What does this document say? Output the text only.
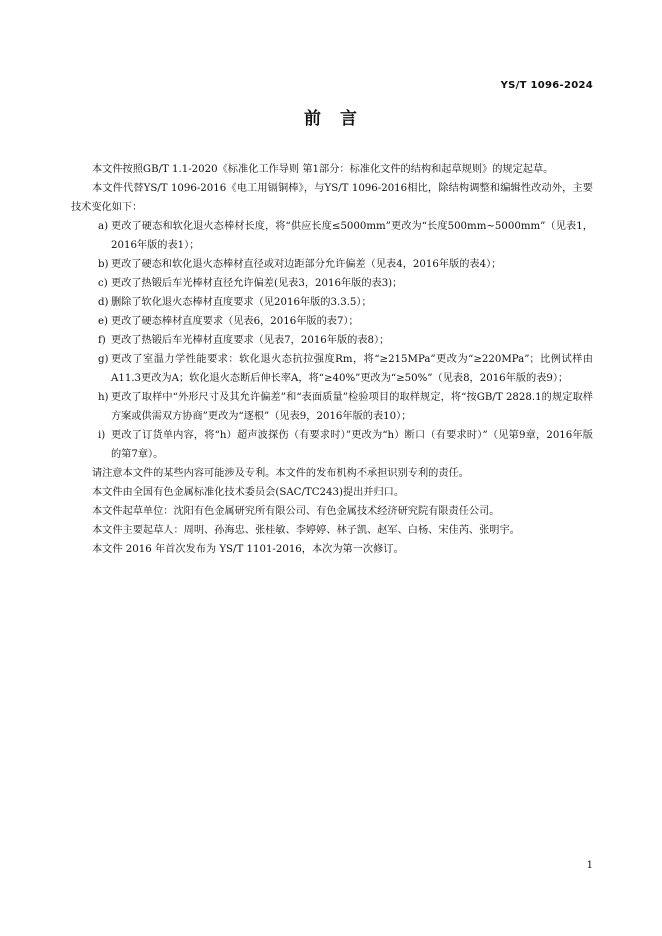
YS/T 1096-2024
前　言

本文件按照GB/T 1.1-2020《标准化工作导则 第1部分：标准化文件的结构和起草规则》的规定起草。

本文件代替YS/T 1096-2016《电工用镉铜棒》，与YS/T 1096-2016相比，除结构调整和编辑性改动外，主要技术变化如下：

a) 更改了硬态和软化退火态棒材长度，将“供应长度≤5000mm”更改为“长度500mm~5000mm”（见表1，2016年版的表1）；
b) 更改了硬态和软化退火态棒材直径或对边距部分允许偏差（见表4，2016年版的表4）；
c) 更改了热锻后车光棒材直径允许偏差(见表3，2016年版的表3)；
d) 删除了软化退火态棒材直度要求（见2016年版的3.3.5）；
e) 更改了硬态棒材直度要求（见表6，2016年版的表7）；
f) 更改了热锻后车光棒材直度要求（见表7，2016年版的表8）；
g) 更改了室温力学性能要求：软化退火态抗拉强度Rm，将“≥215MPa”更改为“≥220MPa”；比例试样由A11.3更改为A；软化退火态断后伸长率A，将“≥40%”更改为“≥50%”（见表8，2016年版的表9）；
h) 更改了取样中“外形尺寸及其允许偏差”和“表面质量”检验项目的取样规定，将“按GB/T 2828.1的规定取样方案或供需双方协商”更改为“逐根”（见表9，2016年版的表10）；
i) 更改了订货单内容，将“h）超声波探伤（有要求时）”更改为“h）断口（有要求时）”（见第9章，2016年版的第7章）。

请注意本文件的某些内容可能涉及专利。本文件的发布机构不承担识别专利的责任。

本文件由全国有色金属标准化技术委员会(SAC/TC243)提出并归口。

本文件起草单位：沈阳有色金属研究所有限公司、有色金属技术经济研究院有限责任公司。

本文件主要起草人：周明、孙海忠、张桂敏、李婷婷、林子凯、赵军、白杨、宋佳芮、张明宇。

本文件 2016 年首次发布为 YS/T 1101-2016，本次为第一次修订。

1
